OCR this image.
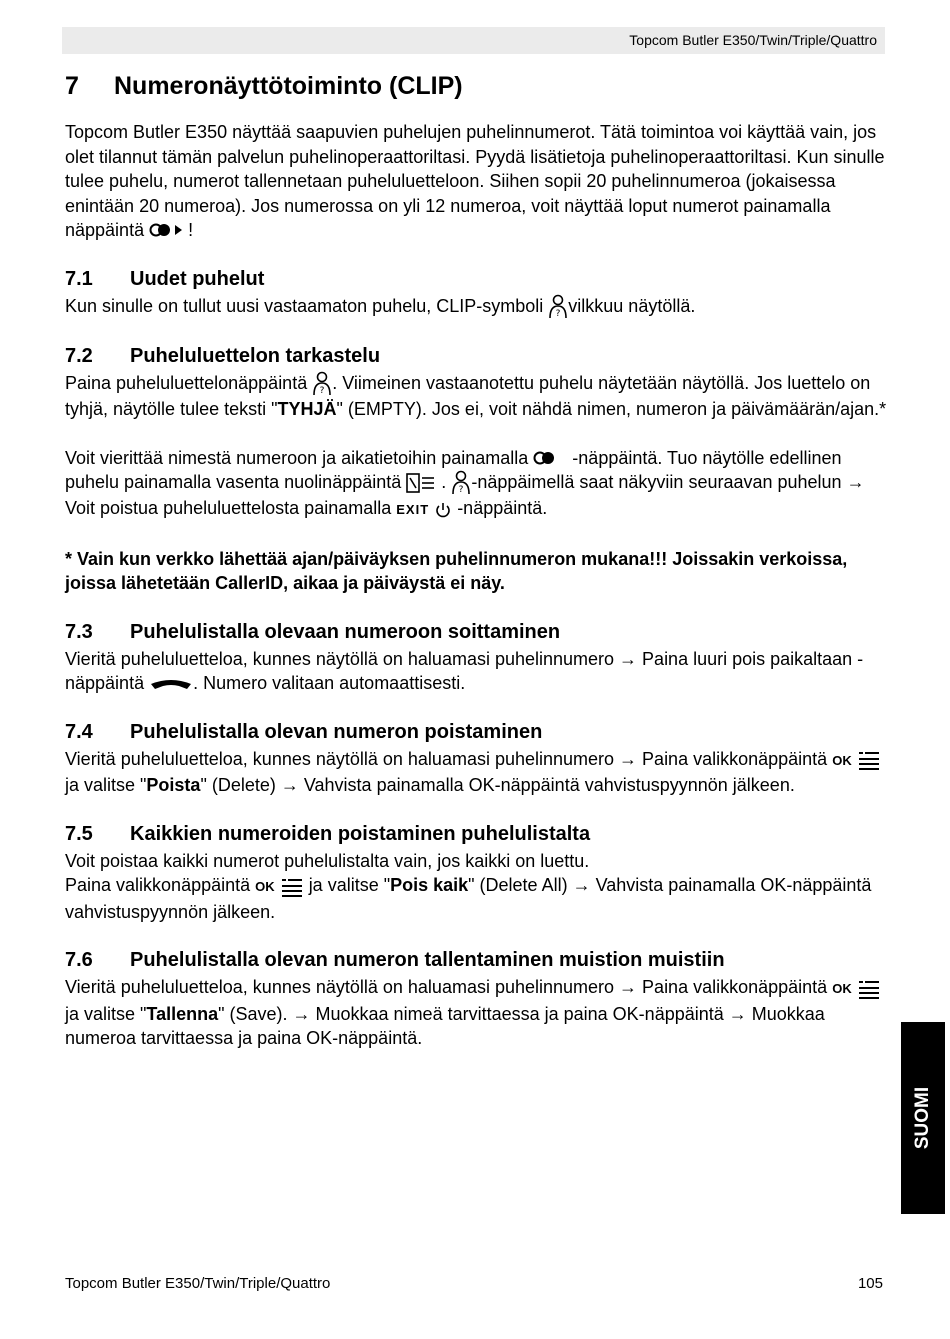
Topcom Butler E350/Twin/Triple/Quattro
7 Numeronäyttötoiminto (CLIP)

Topcom Butler E350 näyttää saapuvien puhelujen puhelinnumerot. Tätä toimintoa voi käyttää vain, jos olet tilannut tämän palvelun puhelinoperaattoriltasi. Pyydä lisätietoja puhelinoperaattoriltasi. Kun sinulle tulee puhelu, numerot tallennetaan puheluluetteloon. Siihen sopii 20 puhelinnumeroa (jokaisessa enintään 20 numeroa). Jos numerossa on yli 12 numeroa, voit näyttää loput numerot painamalla näppäintä !

7.1 Uudet puhelut

Kun sinulle on tullut uusi vastaamaton puhelu, CLIP-symboli ? vilkkuu näytöllä.

7.2 Puheluluettelon tarkastelu

Paina puheluluettelonäppäintä ? . Viimeinen vastaanotettu puhelu näytetään näytöllä. Jos luettelo on tyhjä, näytölle tulee teksti "TYHJÄ" (EMPTY). Jos ei, voit nähdä nimen, numeron ja päivämäärän/ajan.*

Voit vierittää nimestä numeroon ja aikatietoihin painamalla -näppäintä. Tuo näytölle edellinen puhelu painamalla vasenta nuolinäppäintä . ? -näppäimellä saat näkyviin seuraavan puhelun → Voit poistua puheluluettelosta painamalla EXIT -näppäintä.

* Vain kun verkko lähettää ajan/päiväyksen puhelinnumeron mukana!!! Joissakin verkoissa, joissa lähetetään CallerID, aikaa ja päiväystä ei näy.

7.3 Puhelulistalla olevaan numeroon soittaminen

Vieritä puheluluetteloa, kunnes näytöllä on haluamasi puhelinnumero → Paina luuri pois paikaltaan -näppäintä	. Numero valitaan automaattisesti.

7.4 Puhelulistalla olevan numeron poistaminen

Vieritä puheluluetteloa, kunnes näytöllä on haluamasi puhelinnumero → Paina valikkonäppäintä OK
ja valitse "Poista" (Delete) → Vahvista painamalla OK-näppäintä vahvistuspyynnön jälkeen.

7.5 Kaikkien numeroiden poistaminen puhelulistalta

Voit poistaa kaikki numerot puhelulistalta vain, jos kaikki on luettu.

Paina valikkonäppäintä OK ja valitse "Pois kaik" (Delete All) → Vahvista painamalla OK-näppäintä vahvistuspyynnön jälkeen.

7.6 Puhelulistalla olevan numeron tallentaminen muistion muistiin

Vieritä puheluluetteloa, kunnes näytöllä on haluamasi puhelinnumero → Paina valikkonäppäintä OK
ja valitse "Tallenna" (Save). → Muokkaa nimeä tarvittaessa ja paina OK-näppäintä → Muokkaa numeroa tarvittaessa ja paina OK-näppäintä.

SUOMI
Topcom Butler E350/Twin/Triple/Quattro	105
